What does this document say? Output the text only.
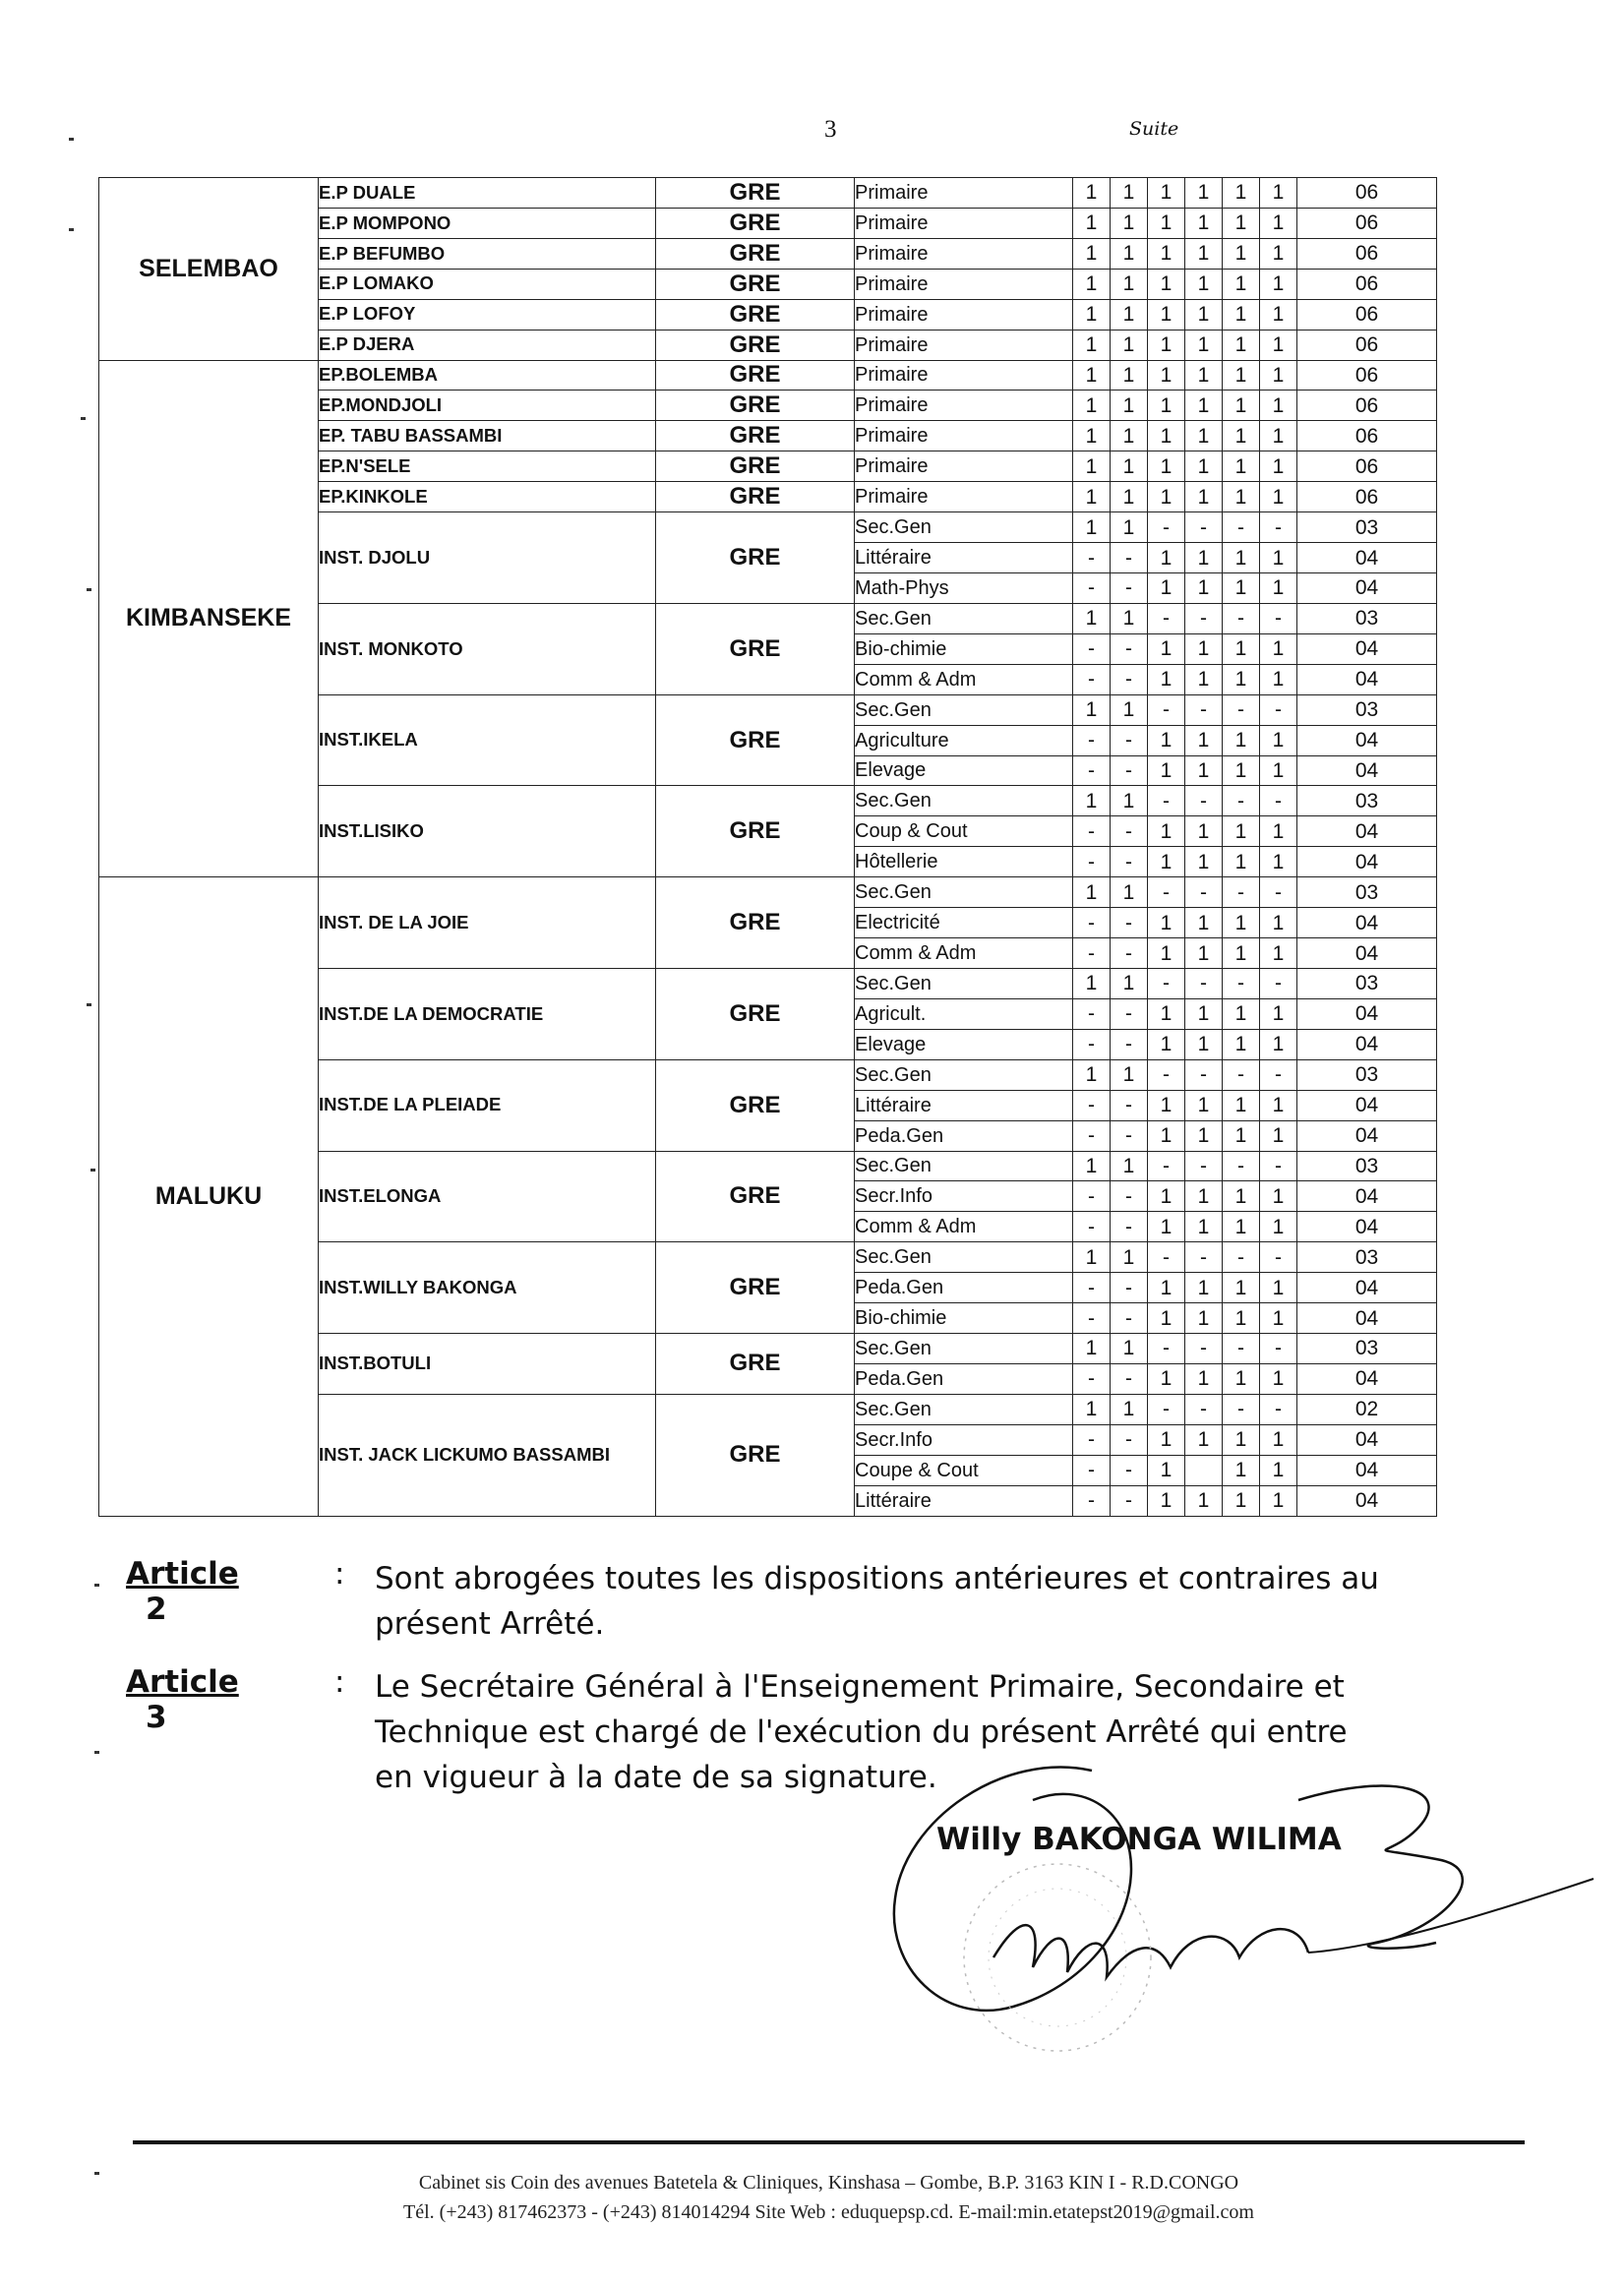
3	Suite
SELEMBAO	E.P DUALE	GRE	Primaire	1	1	1	1	1	1	06
	E.P MOMPONO	GRE	Primaire	1	1	1	1	1	1	06
	E.P BEFUMBO	GRE	Primaire	1	1	1	1	1	1	06
	E.P LOMAKO	GRE	Primaire	1	1	1	1	1	1	06
	E.P LOFOY	GRE	Primaire	1	1	1	1	1	1	06
	E.P DJERA	GRE	Primaire	1	1	1	1	1	1	06
KIMBANSEKE	EP.BOLEMBA	GRE	Primaire	1	1	1	1	1	1	06
	EP.MONDJOLI	GRE	Primaire	1	1	1	1	1	1	06
	EP. TABU BASSAMBI	GRE	Primaire	1	1	1	1	1	1	06
	EP.N'SELE	GRE	Primaire	1	1	1	1	1	1	06
	EP.KINKOLE	GRE	Primaire	1	1	1	1	1	1	06
	INST. DJOLU	GRE	Sec.Gen	1	1	-	-	-	-	03
			Littéraire	-	-	1	1	1	1	04
			Math-Phys	-	-	1	1	1	1	04
	INST. MONKOTO	GRE	Sec.Gen	1	1	-	-	-	-	03
			Bio-chimie	-	-	1	1	1	1	04
			Comm & Adm	-	-	1	1	1	1	04
	INST.IKELA	GRE	Sec.Gen	1	1	-	-	-	-	03
			Agriculture	-	-	1	1	1	1	04
			Elevage	-	-	1	1	1	1	04
	INST.LISIKO	GRE	Sec.Gen	1	1	-	-	-	-	03
			Coup & Cout	-	-	1	1	1	1	04
			Hôtellerie	-	-	1	1	1	1	04
MALUKU	INST. DE LA JOIE	GRE	Sec.Gen	1	1	-	-	-	-	03
			Electricité	-	-	1	1	1	1	04
			Comm & Adm	-	-	1	1	1	1	04
	INST.DE LA DEMOCRATIE	GRE	Sec.Gen	1	1	-	-	-	-	03
			Agricult.	-	-	1	1	1	1	04
			Elevage	-	-	1	1	1	1	04
	INST.DE LA PLEIADE	GRE	Sec.Gen	1	1	-	-	-	-	03
			Littéraire	-	-	1	1	1	1	04
			Peda.Gen	-	-	1	1	1	1	04
	INST.ELONGA	GRE	Sec.Gen	1	1	-	-	-	-	03
			Secr.Info	-	-	1	1	1	1	04
			Comm & Adm	-	-	1	1	1	1	04
	INST.WILLY BAKONGA	GRE	Sec.Gen	1	1	-	-	-	-	03
			Peda.Gen	-	-	1	1	1	1	04
			Bio-chimie	-	-	1	1	1	1	04
	INST.BOTULI	GRE	Sec.Gen	1	1	-	-	-	-	03
			Peda.Gen	-	-	1	1	1	1	04
	INST. JACK LICKUMO BASSAMBI	GRE	Sec.Gen	1	1	-	-	-	-	02
			Secr.Info	-	-	1	1	1	1	04
			Coupe & Cout	-	-	1		1	1	04
			Littéraire	-	-	1	1	1	1	04
Article2
: Sont abrogées toutes les dispositions antérieures et contraires au
présent Arrêté.
Article3
: Le Secrétaire Général à l'Enseignement Primaire, Secondaire et
Technique est chargé de l'exécution du présent Arrêté qui entre
en vigueur à la date de sa signature.
Willy BAKONGA WILIMA
Cabinet sis Coin des avenues Batetela & Cliniques, Kinshasa – Gombe, B.P. 3163 KIN I - R.D.CONGO
Tél. (+243) 817462373 - (+243) 814014294 Site Web : eduquepsp.cd. E-mail:min.etatepst2019@gmail.com
